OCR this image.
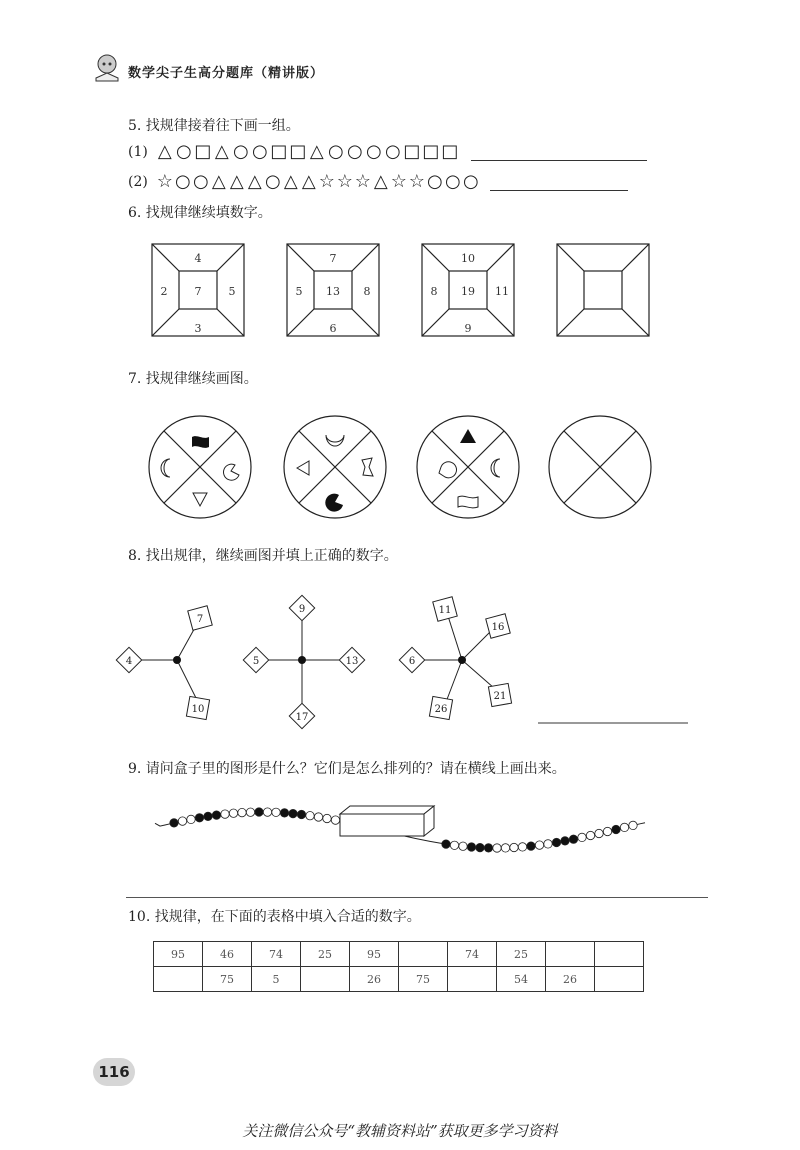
数学尖子生高分题库（精讲版）
5. 找规律接着往下画一组。
(1) △ ○ □ △ ○ ○ □ □ △ ○ ○ ○ ○ □ □ □
(2) ☆ ○ ○ △ △ △ ○ △ △ ☆ ☆ ☆ △ ☆ ☆ ○ ○ ○
6. 找规律继续填数字。
4
2 7 5
3
7
5 13 8
6
10
8 19 11
9
7. 找规律继续画图。
8. 找出规律，继续画图并填上正确的数字。
4
7
10
5	13
9
17
6
11
16
21
26
9. 请问盒子里的图形是什么？它们是怎么排列的？请在横线上画出来。
10. 找规律，在下面的表格中填入合适的数字。
95	46	74	25	95		74	25		
	75	5		26	75		54	26	
116
关注微信公众号“教辅资料站”获取更多学习资料
